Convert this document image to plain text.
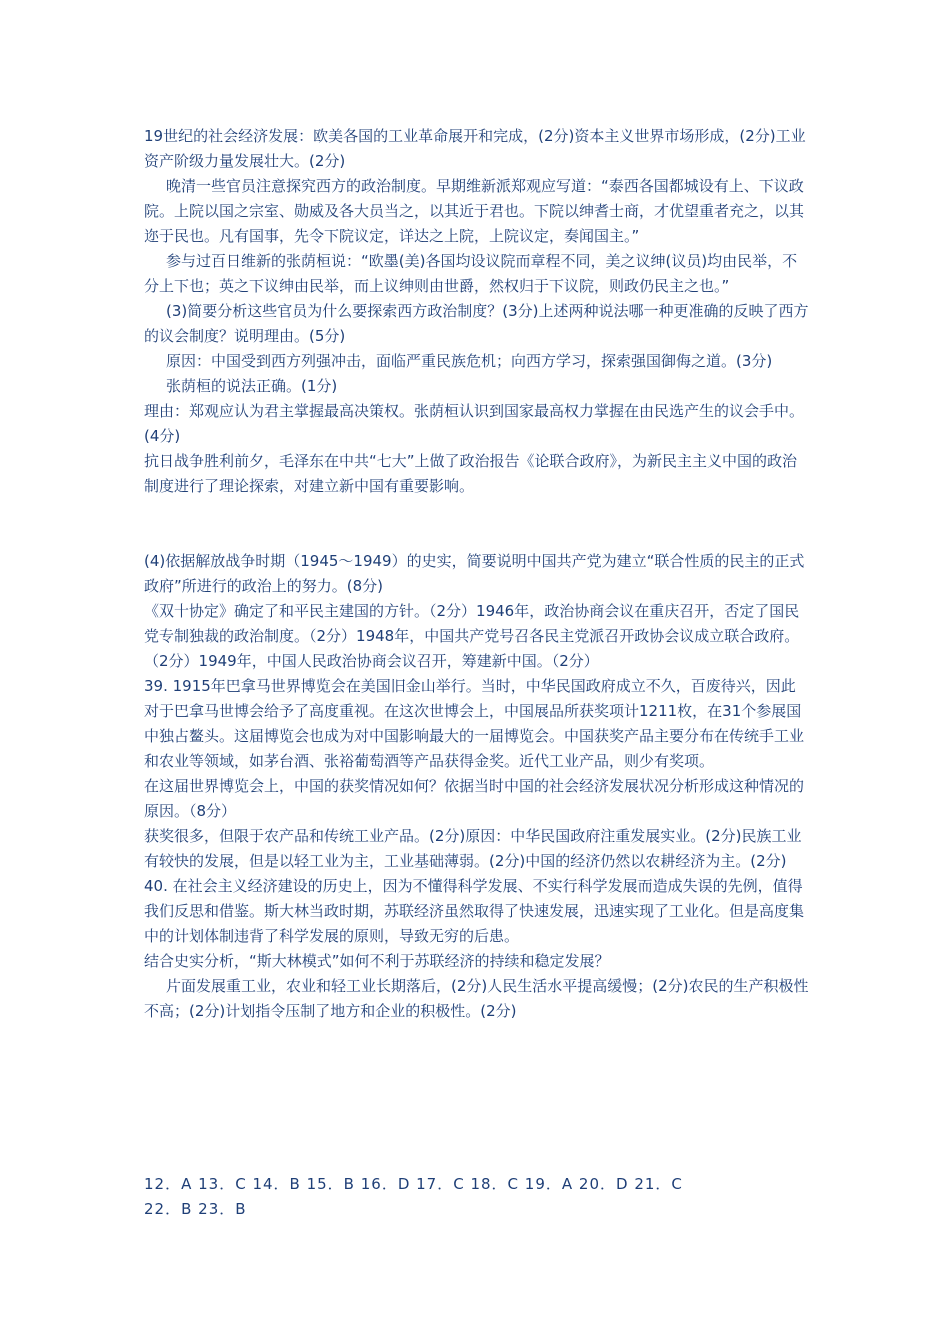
19世纪的社会经济发展：欧美各国的工业革命展开和完成，(2分)资本主义世界市场形成，(2分)工业资产阶级力量发展壮大。(2分)

晚清一些官员注意探究西方的政治制度。早期维新派郑观应写道：“泰西各国都城设有上、下议政院。上院以国之宗室、勋威及各大员当之，以其近于君也。下院以绅耆士商，才优望重者充之，以其迩于民也。凡有国事，先令下院议定，详达之上院，上院议定，奏闻国主。”

参与过百日维新的张荫桓说：“欧墨(美)各国均设议院而章程不同，美之议绅(议员)均由民举，不分上下也；英之下议绅由民举，而上议绅则由世爵，然权归于下议院，则政仍民主之也。”

(3)简要分析这些官员为什么要探索西方政治制度？(3分)上述两种说法哪一种更准确的反映了西方的议会制度？说明理由。(5分)

原因：中国受到西方列强冲击，面临严重民族危机；向西方学习，探索强国御侮之道。(3分)

张荫桓的说法正确。(1分)

理由：郑观应认为君主掌握最高决策权。张荫桓认识到国家最高权力掌握在由民选产生的议会手中。(4分)

抗日战争胜利前夕，毛泽东在中共“七大”上做了政治报告《论联合政府》，为新民主主义中国的政治制度进行了理论探索，对建立新中国有重要影响。

(4)依据解放战争时期（1945～1949）的史实，简要说明中国共产党为建立“联合性质的民主的正式政府”所进行的政治上的努力。(8分)

《双十协定》确定了和平民主建国的方针。（2分）1946年，政治协商会议在重庆召开，否定了国民党专制独裁的政治制度。（2分）1948年，中国共产党号召各民主党派召开政协会议成立联合政府。（2分）1949年，中国人民政治协商会议召开，筹建新中国。（2分）

39. 1915年巴拿马世界博览会在美国旧金山举行。当时，中华民国政府成立不久，百废待兴，因此对于巴拿马世博会给予了高度重视。在这次世博会上，中国展品所获奖项计1211枚，在31个参展国中独占鳌头。这届博览会也成为对中国影响最大的一届博览会。中国获奖产品主要分布在传统手工业和农业等领域，如茅台酒、张裕葡萄酒等产品获得金奖。近代工业产品，则少有奖项。

在这届世界博览会上，中国的获奖情况如何？依据当时中国的社会经济发展状况分析形成这种情况的原因。（8分）

获奖很多，但限于农产品和传统工业产品。(2分)原因：中华民国政府注重发展实业。(2分)民族工业有较快的发展，但是以轻工业为主，工业基础薄弱。(2分)中国的经济仍然以农耕经济为主。(2分)

40. 在社会主义经济建设的历史上，因为不懂得科学发展、不实行科学发展而造成失误的先例，值得我们反思和借鉴。斯大林当政时期，苏联经济虽然取得了快速发展，迅速实现了工业化。但是高度集中的计划体制违背了科学发展的原则，导致无穷的后患。

结合史实分析，“斯大林模式”如何不利于苏联经济的持续和稳定发展？

片面发展重工业，农业和轻工业长期落后，(2分)人民生活水平提高缓慢；(2分)农民的生产积极性不高；(2分)计划指令压制了地方和企业的积极性。(2分)

12．A 13．C 14．B 15．B 16．D 17．C 18．C 19．A 20．D 21．C

22．B 23．B
